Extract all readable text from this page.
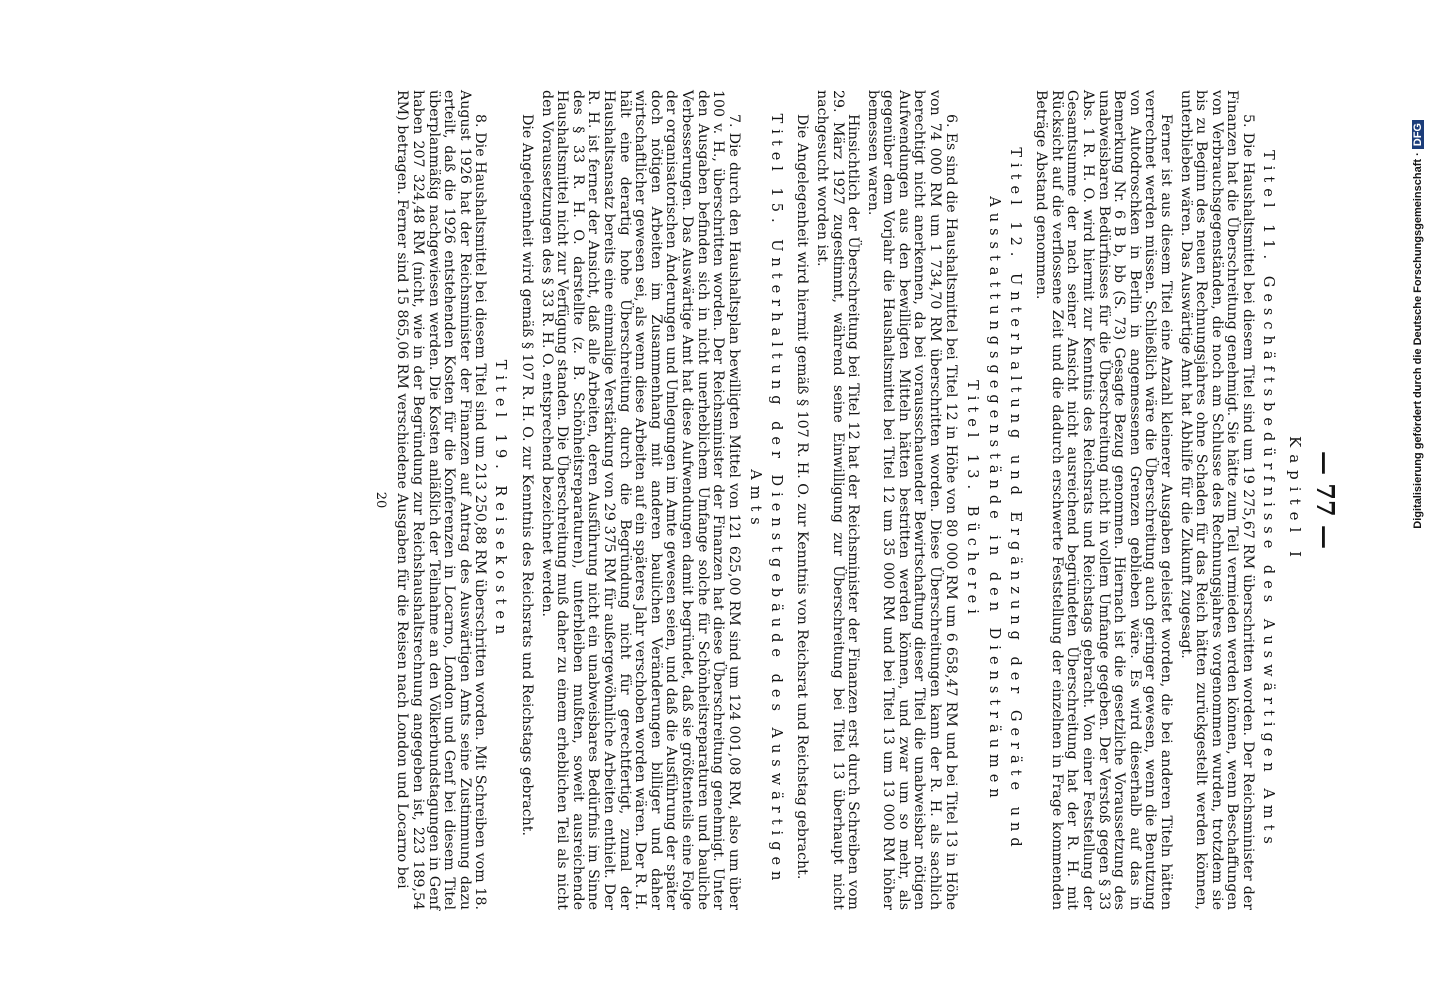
— 77 —
Kapitel I
Titel 11. Geschäftsbedürfnisse des Auswärtigen Amts

5. Die Haushaltsmittel bei diesem Titel sind um 19 275,67 RM überschritten worden. Der Reichsminister der Finanzen hat die Überschreitung genehmigt. Sie hätte zum Teil vermieden werden können, wenn Beschaffungen von Verbrauchsgegenständen, die noch am Schlusse des Rechnungsjahres vorgenommen wurden, trotzdem sie bis zu Beginn des neuen Rechnungsjahres ohne Schaden für das Reich hätten zurückgestellt werden können, unterblieben wären. Das Auswärtige Amt hat Abhilfe für die Zukunft zugesagt.

Ferner ist aus diesem Titel eine Anzahl kleinerer Ausgaben geleistet worden, die bei anderen Titeln hätten verrechnet werden müssen. Schließlich wäre die Überschreitung auch geringer gewesen, wenn die Benutzung von Autodroschken in Berlin in angemessenen Grenzen geblieben wäre. Es wird dieserhalb auf das in Bemerkung Nr. 6 B b, bb (S. 73) Gesagte Bezug genommen. Hiernach ist die gesetzliche Voraussetzung des unabweisbaren Bedürfnisses für die Überschreitung nicht in vollem Umfange gegeben. Der Verstoß gegen § 33 Abs. 1 R. H. O. wird hiermit zur Kenntnis des Reichsrats und Reichstags gebracht. Von einer Feststellung der Gesamtsumme der nach seiner Ansicht nicht ausreichend begründeten Überschreitung hat der R. H. mit Rücksicht auf die verflossene Zeit und die dadurch erschwerte Feststellung der einzelnen in Frage kommenden Beträge Abstand genommen.

Titel 12. Unterhaltung und Ergänzung der Geräte und
Ausstattungsgegenstände in den Diensträumen
Titel 13. Bücherei

6. Es sind die Haushaltsmittel bei Titel 12 in Höhe von 80 000 RM um 6 658,47 RM und bei Titel 13 in Höhe von 74 000 RM um 1 734,70 RM überschritten worden. Diese Überschreitungen kann der R. H. als sachlich berechtigt nicht anerkennen, da bei voraussschauender Bewirtschaftung dieser Titel die unabweisbar nötigen Aufwendungen aus den bewilligten Mitteln hätten bestritten werden können, und zwar um so mehr, als gegenüber dem Vorjahr die Haushaltsmittel bei Titel 12 um 35 000 RM und bei Titel 13 um 13 000 RM höher bemessen waren.

Hinsichtlich der Überschreitung bei Titel 12 hat der Reichsminister der Finanzen erst durch Schreiben vom 29. März 1927 zugestimmt, während seine Einwilligung zur Überschreitung bei Titel 13 überhaupt nicht nachgesucht worden ist.

Die Angelegenheit wird hiermit gemäß § 107 R. H. O. zur Kenntnis von Reichsrat und Reichstag gebracht.

Titel 15. Unterhaltung der Dienstgebäude des Auswärtigen
Amts

7. Die durch den Haushaltsplan bewilligten Mittel von 121 625,00 RM sind um 124 001,08 RM, also um über 100 v. H., überschritten worden. Der Reichsminister der Finanzen hat diese Überschreitung genehmigt. Unter den Ausgaben befinden sich in nicht unerheblichem Umfange solche für Schönheitsreparaturen und bauliche Verbesserungen. Das Auswärtige Amt hat diese Aufwendungen damit begründet, daß sie größtenteils eine Folge der organisatorischen Änderungen und Umlegungen im Amte gewesen seien, und daß die Ausführung der später doch nötigen Arbeiten im Zusammenhang mit anderen baulichen Veränderungen billiger und daher wirtschaftlicher gewesen sei, als wenn diese Arbeiten auf ein späteres Jahr verschoben worden wären. Der R. H. hält eine derartig hohe Überschreitung durch die Begründung nicht für gerechtfertigt, zumal der Haushaltsansatz bereits eine einmalige Verstärkung von 29 375 RM für außergewöhnliche Arbeiten enthielt. Der R. H. ist ferner der Ansicht, daß alle Arbeiten, deren Ausführung nicht ein unabweisbares Bedürfnis im Sinne des § 33 R. H. O. darstellte (z. B. Schönheitsreparaturen), unterbleiben mußten, soweit ausreichende Haushaltsmittel nicht zur Verfügung standen. Die Überschreitung muß daher zu einem erheblichen Teil als nicht den Voraussetzungen des § 33 R. H. O. entsprechend bezeichnet werden.

Die Angelegenheit wird gemäß § 107 R. H. O. zur Kenntnis des Reichsrats und Reichstags gebracht.

Titel 19. Reisekosten

8. Die Haushaltsmittel bei diesem Titel sind um 213 250,88 RM überschritten worden. Mit Schreiben vom 18. August 1926 hat der Reichsminister der Finanzen auf Antrag des Auswärtigen Amts seine Zustimmung dazu erteilt, daß die 1926 entstehenden Kosten für die Konferenzen in Locarno, London und Genf bei diesem Titel überplanmäßig nachgewiesen werden. Die Kosten anläßlich der Teilnahme an den Völkerbundstagungen in Genf haben 207 324,48 RM (nicht, wie in der Begründung zur Reichshaushaltsrechnung angegeben ist, 223 189,54 RM) betragen. Ferner sind 15 865,06 RM verschiedene Ausgaben für die Reisen nach London und Locarno bei

20	Digitalisierung gefördert durch die Deutsche Forschungsgemeinschaft ·DFG
